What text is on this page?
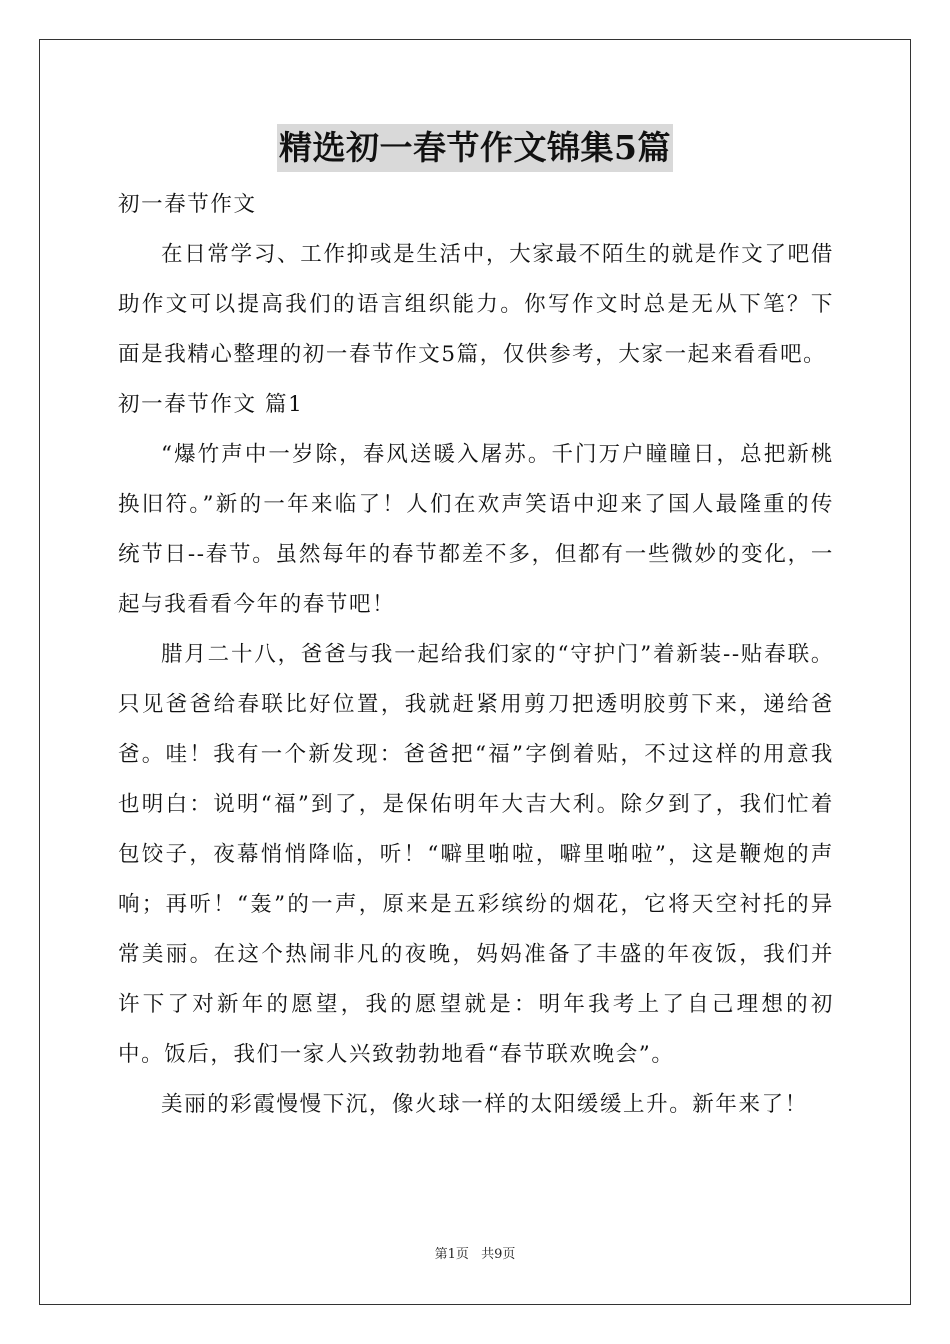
精选初一春节作文锦集5篇

初一春节作文

在日常学习、工作抑或是生活中，大家最不陌生的就是作文了吧借助作文可以提高我们的语言组织能力。你写作文时总是无从下笔？下面是我精心整理的初一春节作文5篇，仅供参考，大家一起来看看吧。

初一春节作文 篇1

“爆竹声中一岁除，春风送暖入屠苏。千门万户瞳瞳日，总把新桃换旧符。”新的一年来临了！人们在欢声笑语中迎来了国人最隆重的传统节日--春节。虽然每年的春节都差不多，但都有一些微妙的变化，一起与我看看今年的春节吧！

腊月二十八，爸爸与我一起给我们家的“守护门”着新装--贴春联。只见爸爸给春联比好位置，我就赶紧用剪刀把透明胶剪下来，递给爸爸。哇！我有一个新发现：爸爸把“福”字倒着贴，不过这样的用意我也明白：说明“福”到了，是保佑明年大吉大利。除夕到了，我们忙着包饺子，夜幕悄悄降临，听！“噼里啪啦，噼里啪啦”，这是鞭炮的声响；再听！“轰”的一声，原来是五彩缤纷的烟花，它将天空衬托的异常美丽。在这个热闹非凡的夜晚，妈妈准备了丰盛的年夜饭，我们并许下了对新年的愿望，我的愿望就是：明年我考上了自己理想的初中。饭后，我们一家人兴致勃勃地看“春节联欢晚会”。

美丽的彩霞慢慢下沉，像火球一样的太阳缓缓上升。新年来了！

第1页 共9页
